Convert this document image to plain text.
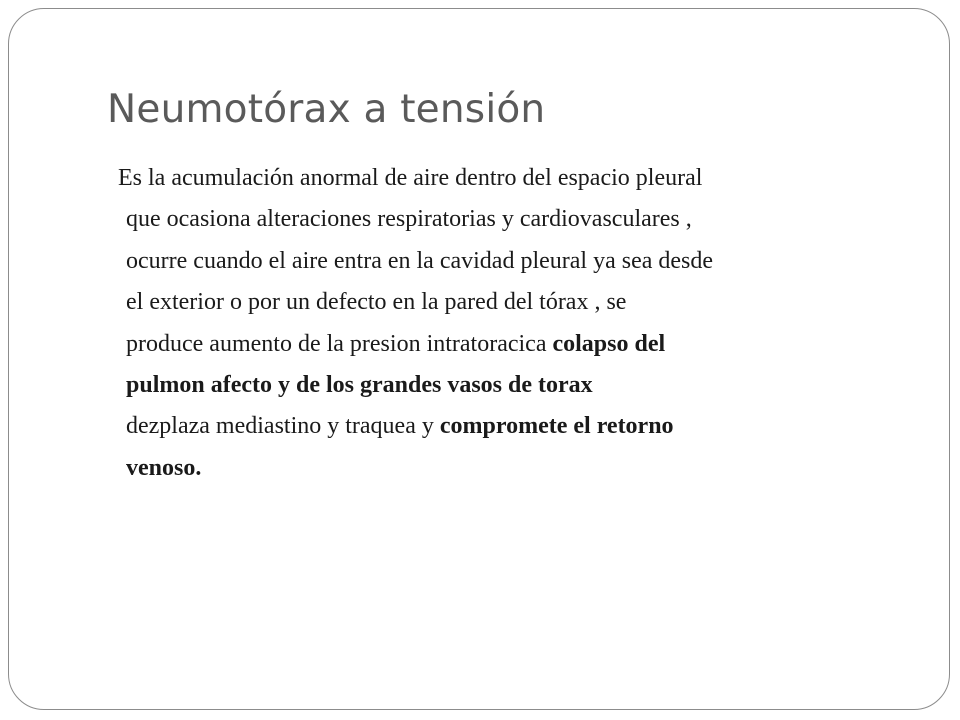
Neumotórax a tensión
Es la acumulación anormal de aire dentro del espacio pleural
que ocasiona alteraciones respiratorias y cardiovasculares ,
ocurre cuando el aire entra en la cavidad pleural ya sea desde
el exterior o por un defecto en la pared del tórax , se
produce aumento de la presion intratoracica colapso del
pulmon afecto y de los grandes vasos de torax
dezplaza mediastino y traquea y compromete el retorno
venoso.
